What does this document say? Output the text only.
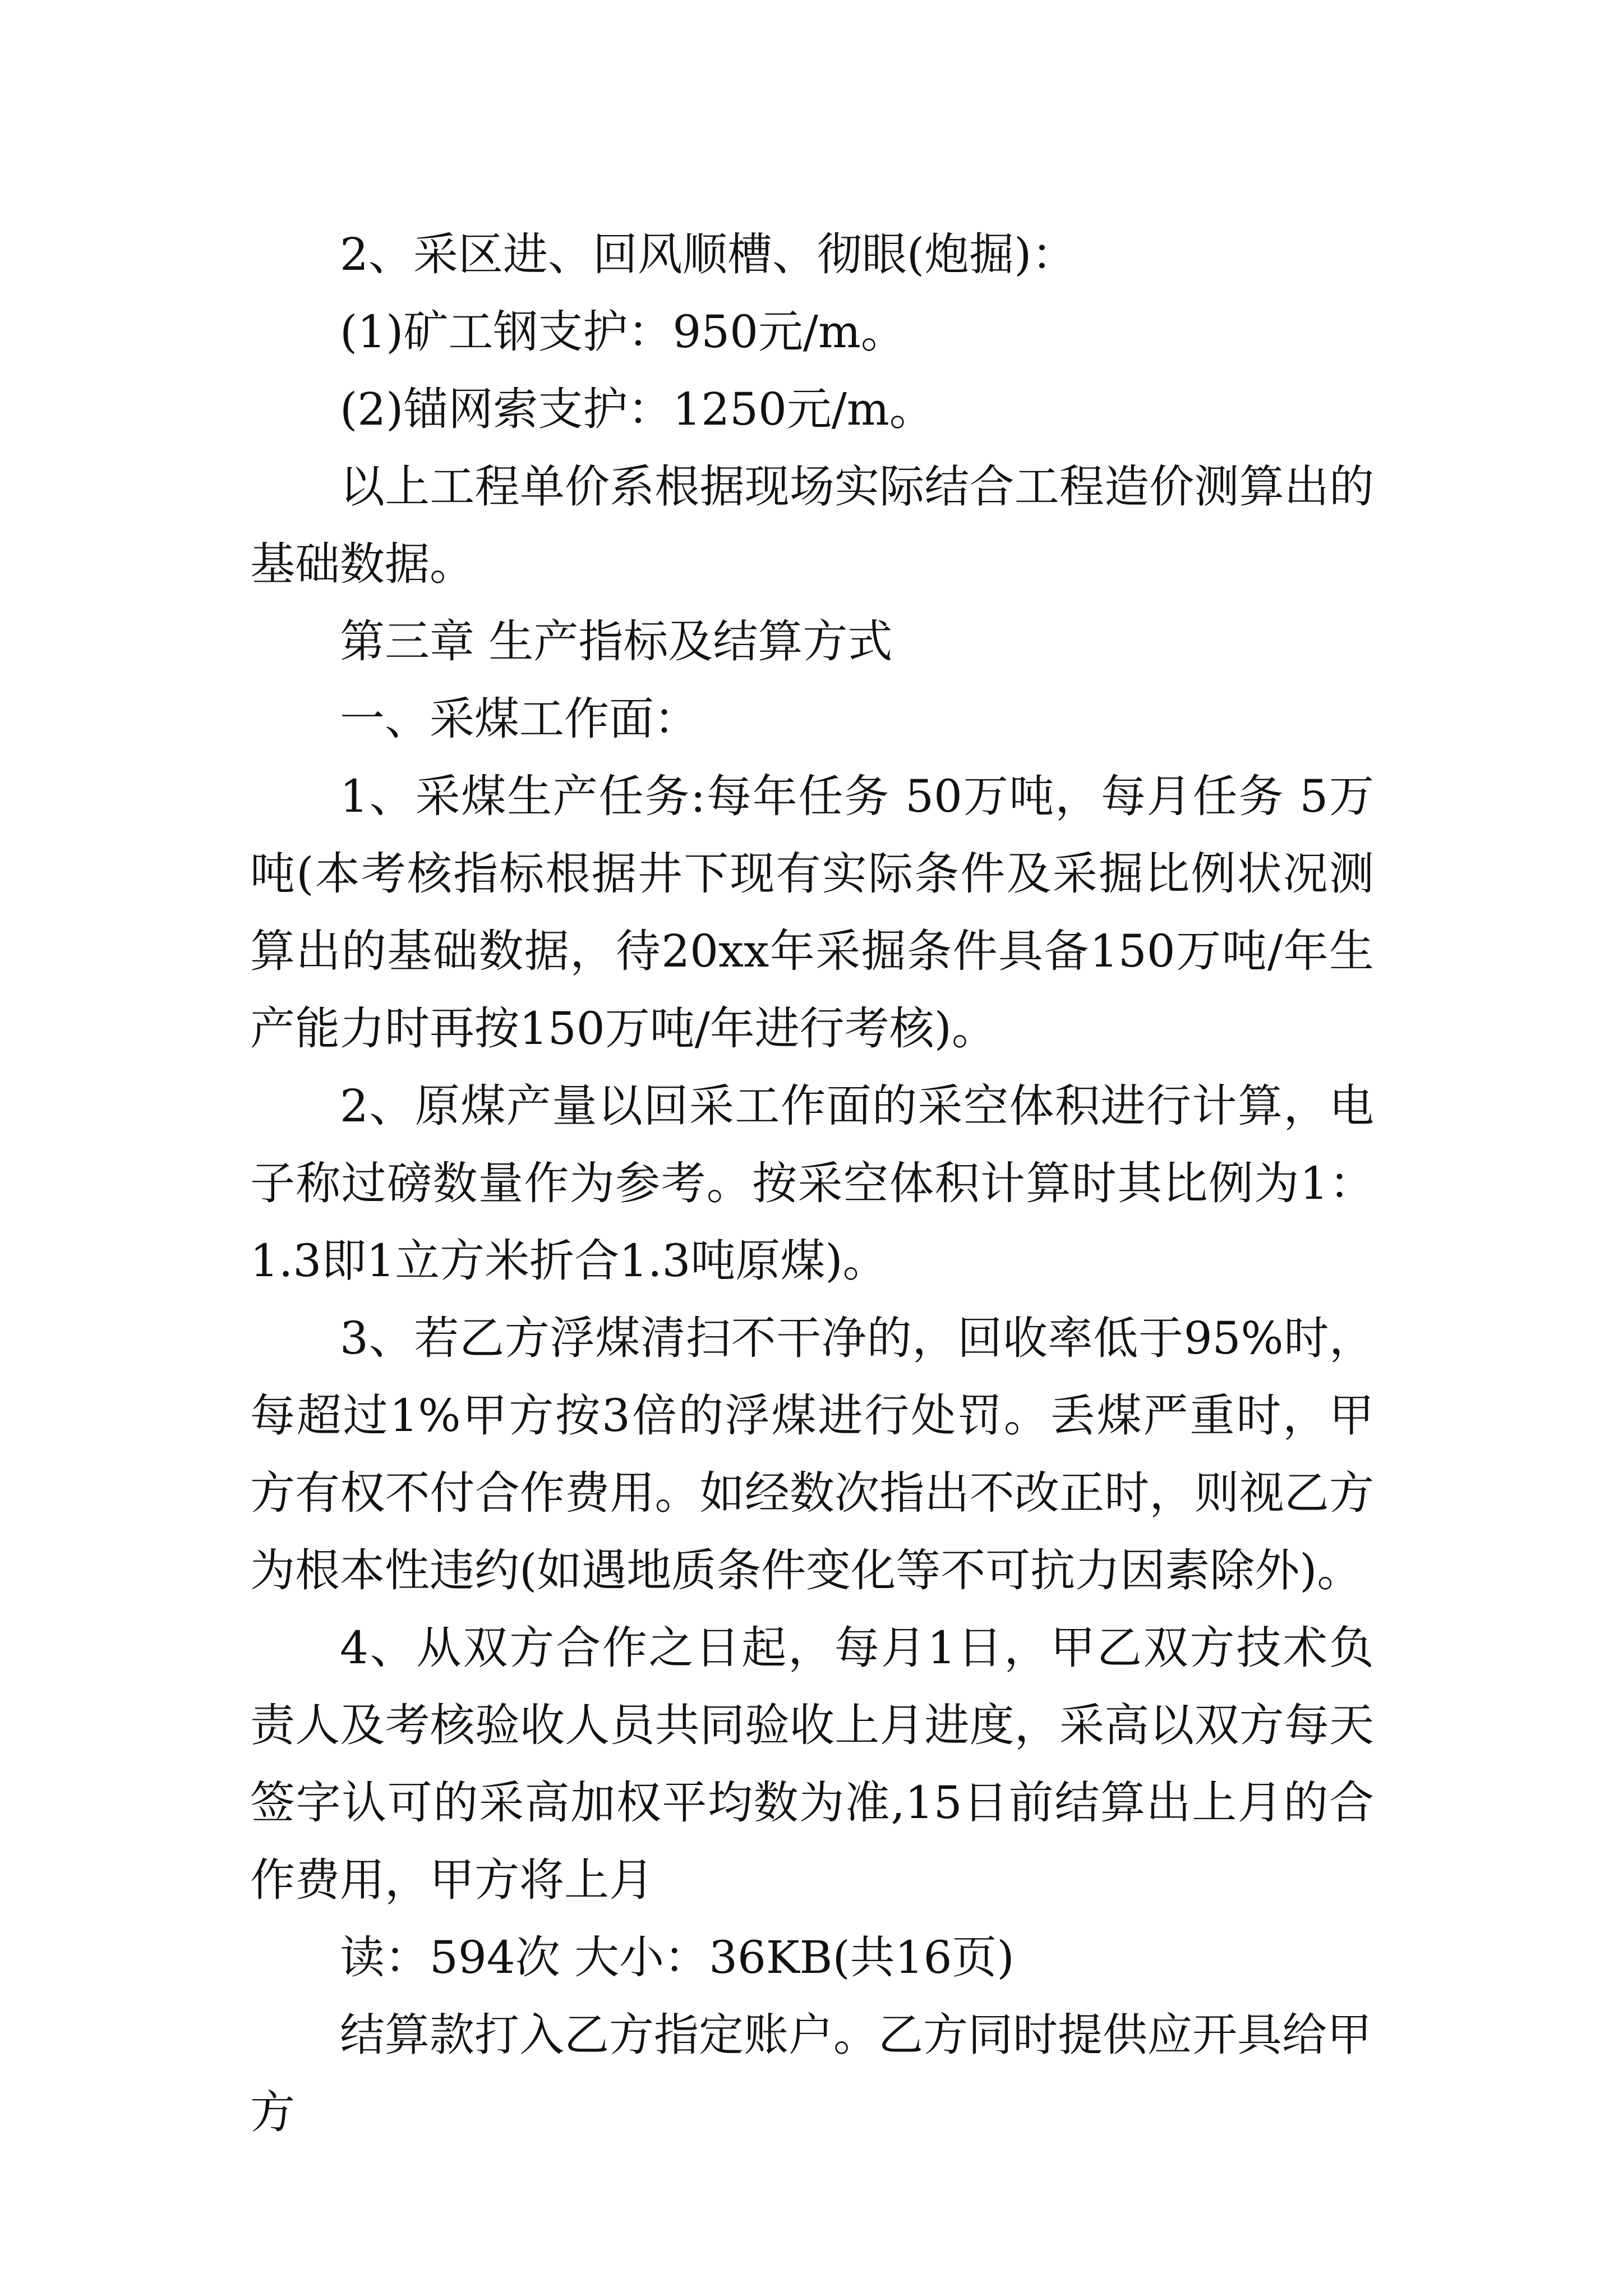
2、采区进、回风顺槽、彻眼(炮掘)：

(1)矿工钢支护：950元/m。

(2)锚网索支护：1250元/m。

以上工程单价系根据现场实际结合工程造价测算出的基础数据。

第三章 生产指标及结算方式

一、采煤工作面：

1、采煤生产任务:每年任务 50万吨，每月任务 5万吨(本考核指标根据井下现有实际条件及采掘比例状况测算出的基础数据，待20xx年采掘条件具备150万吨/年生产能力时再按150万吨/年进行考核)。

2、原煤产量以回采工作面的采空体积进行计算，电子称过磅数量作为参考。按采空体积计算时其比例为1：1.3即1立方米折合1.3吨原煤)。

3、若乙方浮煤清扫不干净的，回收率低于95%时，每超过1%甲方按3倍的浮煤进行处罚。丢煤严重时，甲方有权不付合作费用。如经数次指出不改正时，则视乙方为根本性违约(如遇地质条件变化等不可抗力因素除外)。

4、从双方合作之日起，每月1日，甲乙双方技术负责人及考核验收人员共同验收上月进度，采高以双方每天签字认可的采高加权平均数为准,15日前结算出上月的合作费用，甲方将上月

读：594次 大小：36KB(共16页)

结算款打入乙方指定账户。乙方同时提供应开具给甲方
